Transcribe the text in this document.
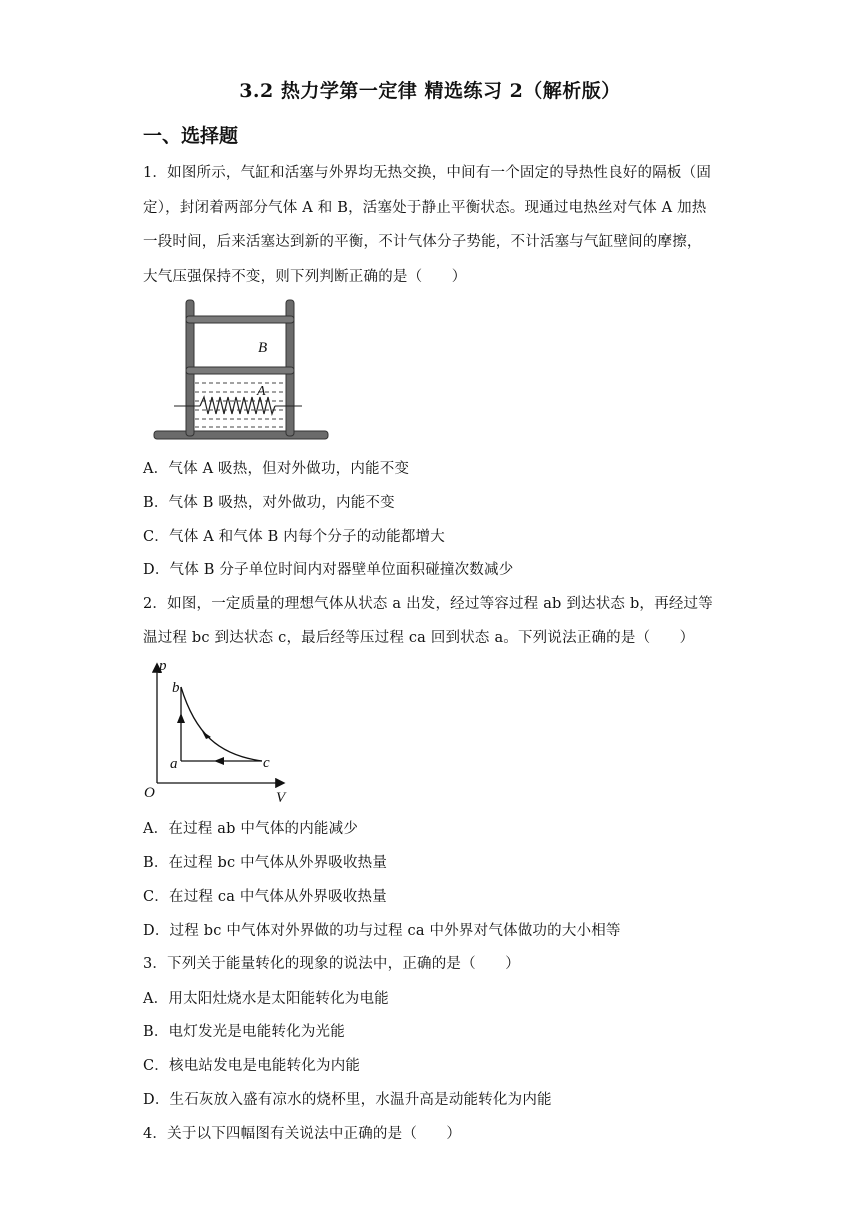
3.2 热力学第一定律 精选练习 2（解析版）
一、选择题
1．如图所示，气缸和活塞与外界均无热交换，中间有一个固定的导热性良好的隔板（固
定），封闭着两部分气体 A 和 B，活塞处于静止平衡状态。现通过电热丝对气体 A 加热
一段时间，后来活塞达到新的平衡，不计气体分子势能，不计活塞与气缸壁间的摩擦，
大气压强保持不变，则下列判断正确的是（　　）
B
A
A．气体 A 吸热，但对外做功，内能不变
B．气体 B 吸热，对外做功，内能不变
C．气体 A 和气体 B 内每个分子的动能都增大
D．气体 B 分子单位时间内对器壁单位面积碰撞次数减少
2．如图，一定质量的理想气体从状态 a 出发，经过等容过程 ab 到达状态 b，再经过等
温过程 bc 到达状态 c，最后经等压过程 ca 回到状态 a。下列说法正确的是（　　）
p
V
O
a
b
c
A．在过程 ab 中气体的内能减少
B．在过程 bc 中气体从外界吸收热量
C．在过程 ca 中气体从外界吸收热量
D．过程 bc 中气体对外界做的功与过程 ca 中外界对气体做功的大小相等
3．下列关于能量转化的现象的说法中，正确的是（　　）
A．用太阳灶烧水是太阳能转化为电能
B．电灯发光是电能转化为光能
C．核电站发电是电能转化为内能
D．生石灰放入盛有凉水的烧杯里，水温升高是动能转化为内能
4．关于以下四幅图有关说法中正确的是（　　）
